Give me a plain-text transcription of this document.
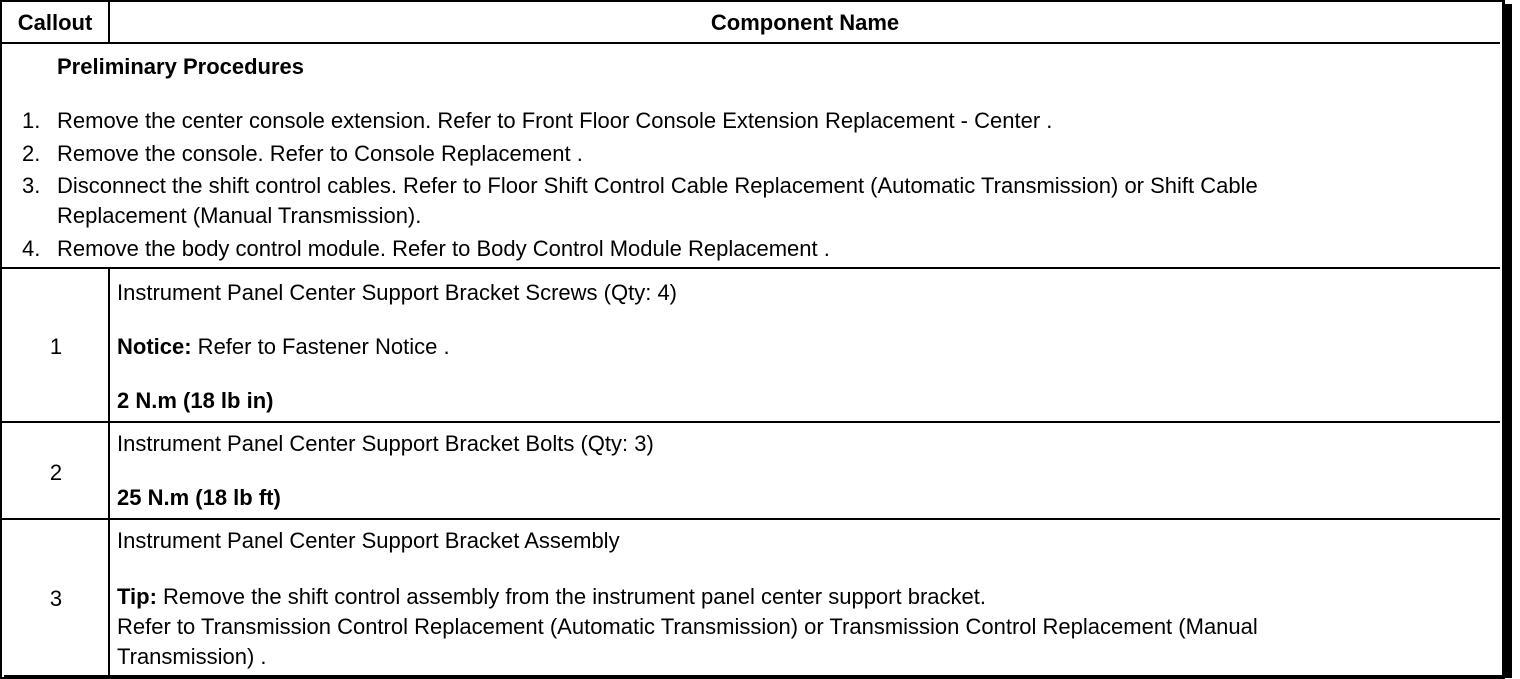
Callout	Component Name
Preliminary Procedures
1. Remove the center console extension. Refer to Front Floor Console Extension Replacement - Center .
2. Remove the console. Refer to Console Replacement .
3. Disconnect the shift control cables. Refer to Floor Shift Control Cable Replacement (Automatic Transmission) or Shift Cable
Replacement (Manual Transmission).
4. Remove the body control module. Refer to Body Control Module Replacement .
1
Instrument Panel Center Support Bracket Screws (Qty: 4)
Notice: Refer to Fastener Notice .
2 N.m (18 lb in)
2
Instrument Panel Center Support Bracket Bolts (Qty: 3)
25 N.m (18 lb ft)
3
Instrument Panel Center Support Bracket Assembly
Tip: Remove the shift control assembly from the instrument panel center support bracket.
Refer to Transmission Control Replacement (Automatic Transmission) or Transmission Control Replacement (Manual
Transmission) .
